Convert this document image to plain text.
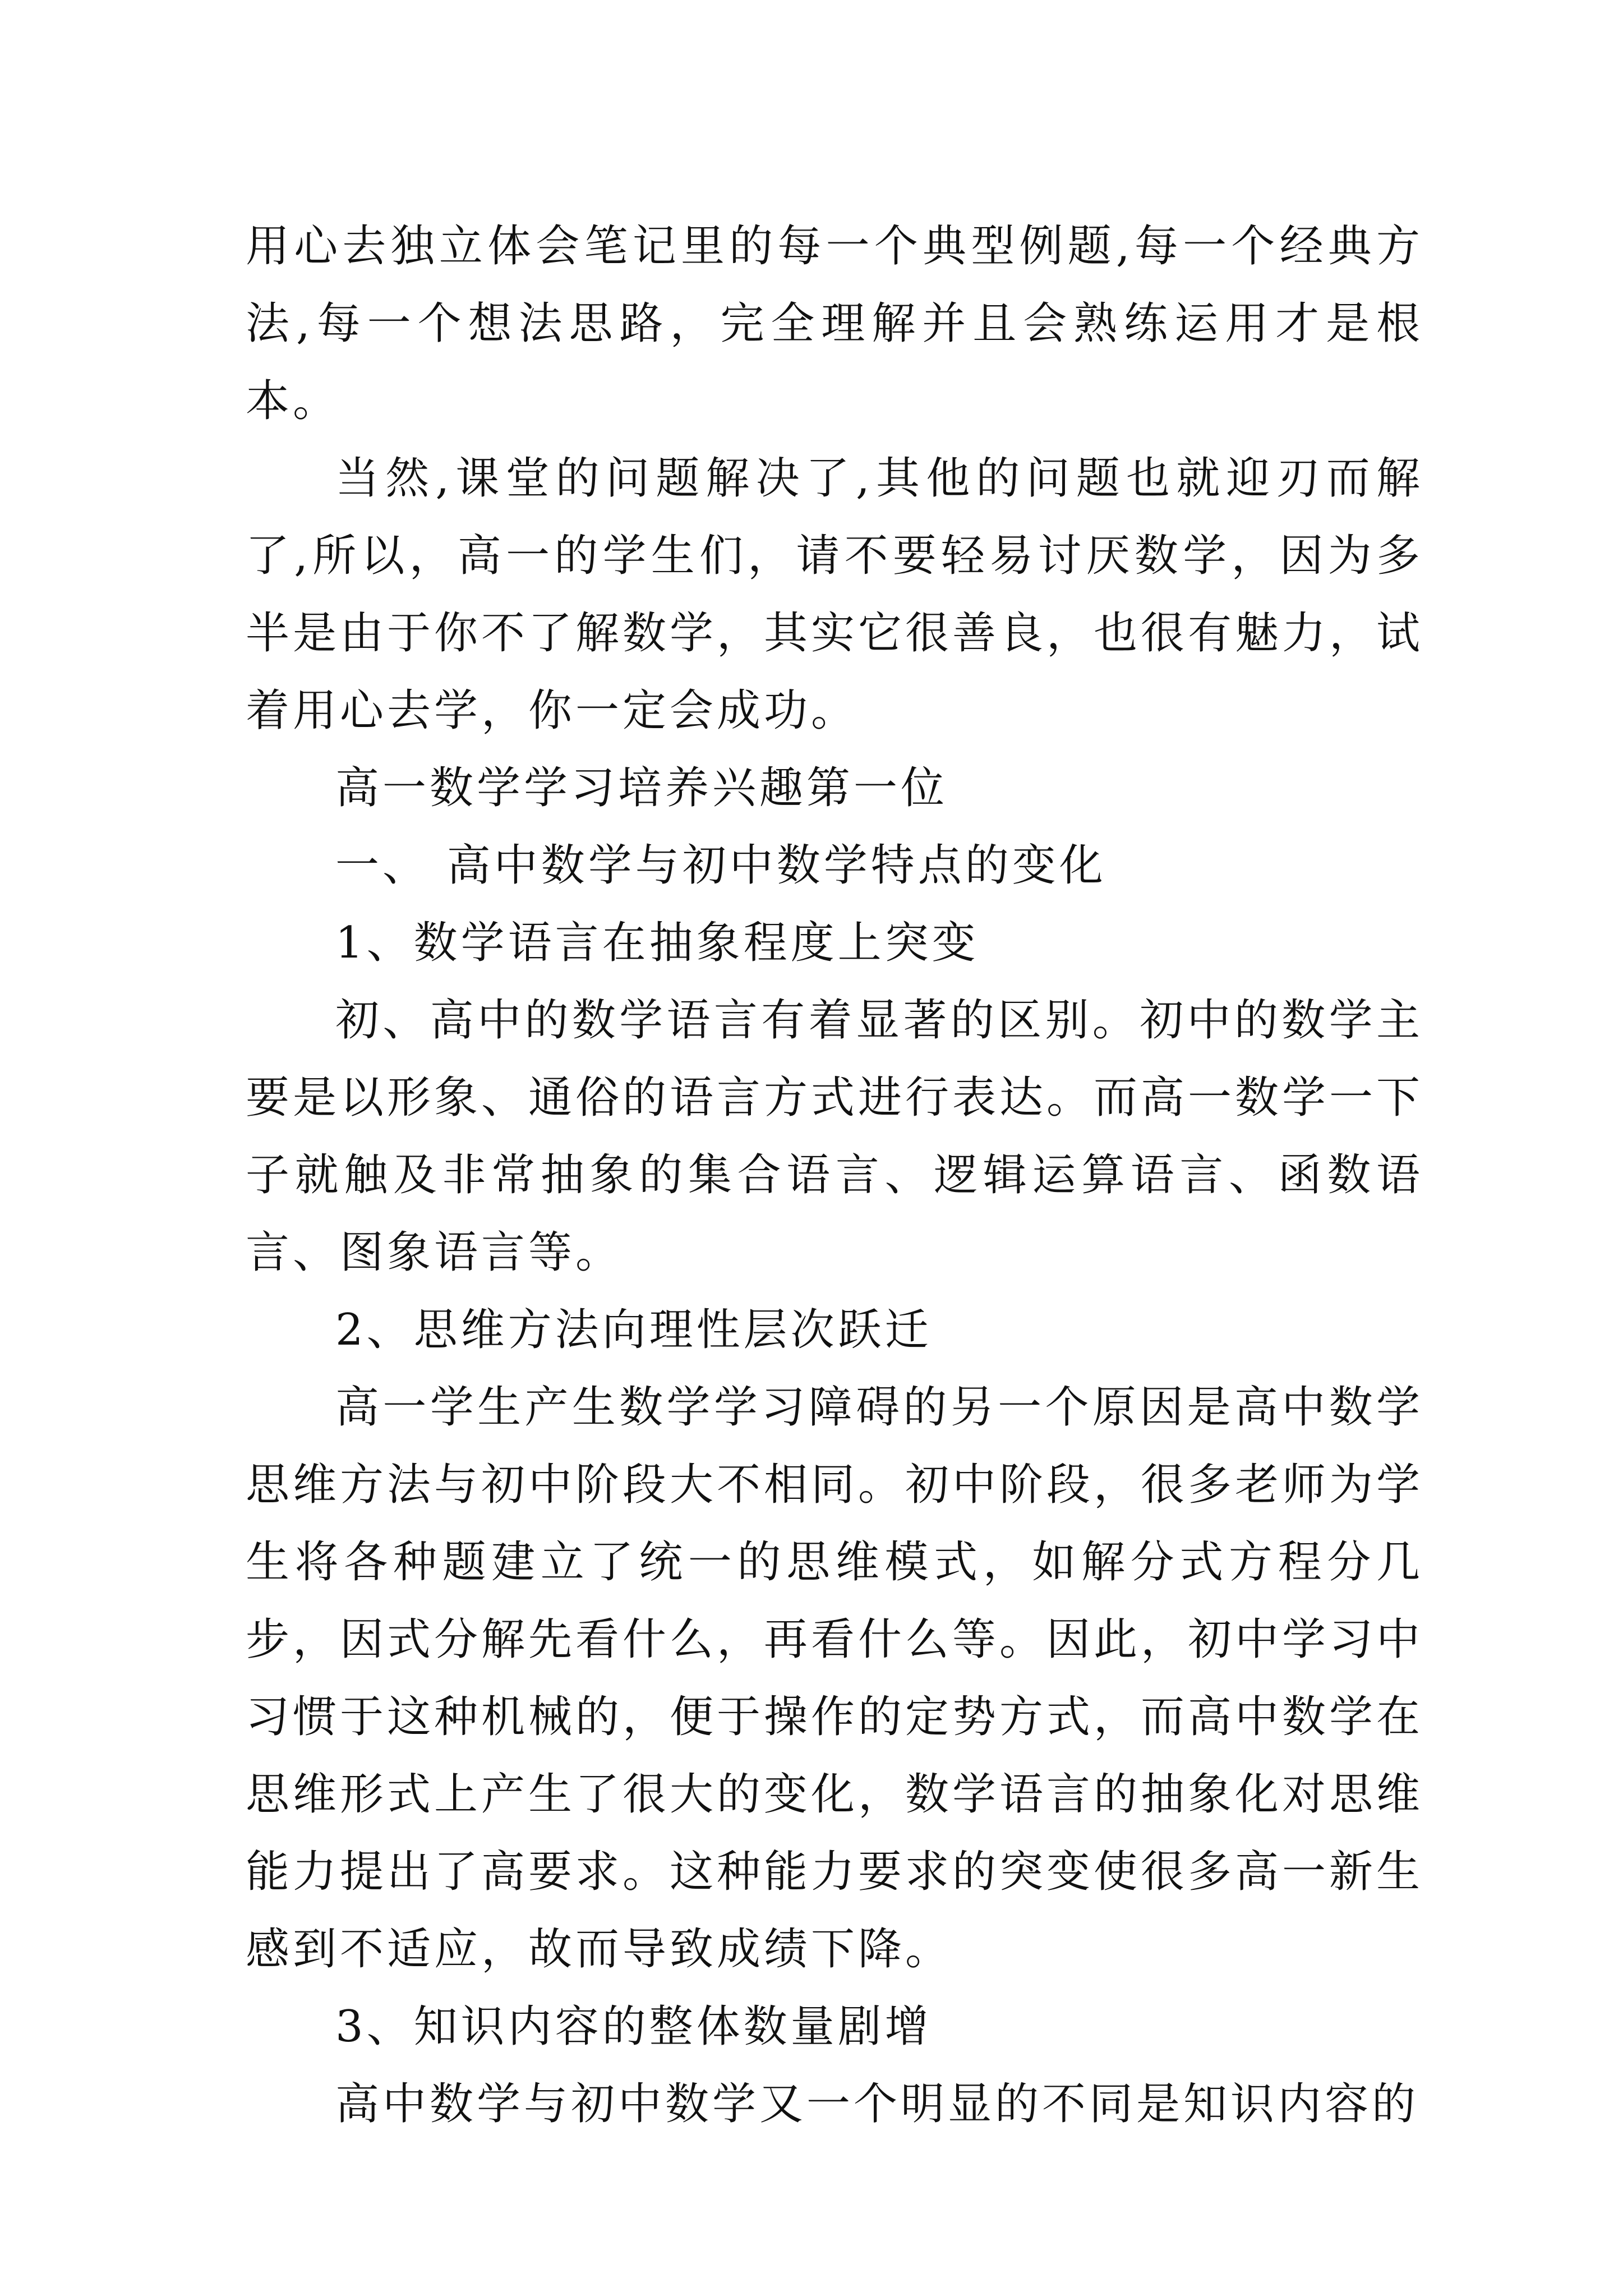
用心去独立体会笔记里的每一个典型例题,每一个经典方法,每一个想法思路，完全理解并且会熟练运用才是根本。

当然,课堂的问题解决了,其他的问题也就迎刃而解了,所以，高一的学生们，请不要轻易讨厌数学，因为多半是由于你不了解数学，其实它很善良，也很有魅力，试着用心去学，你一定会成功。

高一数学学习培养兴趣第一位

一、 高中数学与初中数学特点的变化

1、数学语言在抽象程度上突变

初、高中的数学语言有着显著的区别。初中的数学主要是以形象、通俗的语言方式进行表达。而高一数学一下子就触及非常抽象的集合语言、逻辑运算语言、函数语言、图象语言等。

2、思维方法向理性层次跃迁

高一学生产生数学学习障碍的另一个原因是高中数学思维方法与初中阶段大不相同。初中阶段，很多老师为学生将各种题建立了统一的思维模式，如解分式方程分几步，因式分解先看什么，再看什么等。因此，初中学习中习惯于这种机械的，便于操作的定势方式，而高中数学在思维形式上产生了很大的变化，数学语言的抽象化对思维能力提出了高要求。这种能力要求的突变使很多高一新生感到不适应，故而导致成绩下降。

3、知识内容的整体数量剧增

高中数学与初中数学又一个明显的不同是知识内容的
